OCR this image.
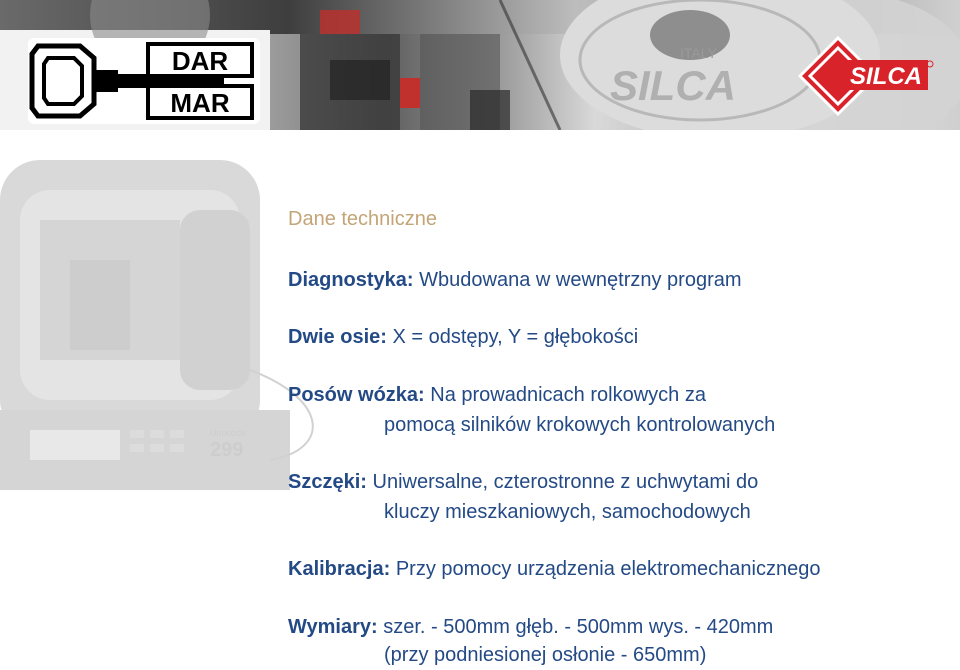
DAR
MAR	SILCA
ITALY
SILCA
299
Unocode
Dane techniczne
Diagnostyka: Wbudowana w wewnętrzny program
Dwie osie: X = odstępy, Y = głębokości
Posów wózka: Na prowadnicach rolkowych za
pomocą silników krokowych kontrolowanych
Szczęki: Uniwersalne, czterostronne z uchwytami do
kluczy mieszkaniowych, samochodowych
Kalibracja: Przy pomocy urządzenia elektromechanicznego
Wymiary: szer. - 500mm głęb. - 500mm wys. - 420mm
(przy podniesionej osłonie - 650mm)
